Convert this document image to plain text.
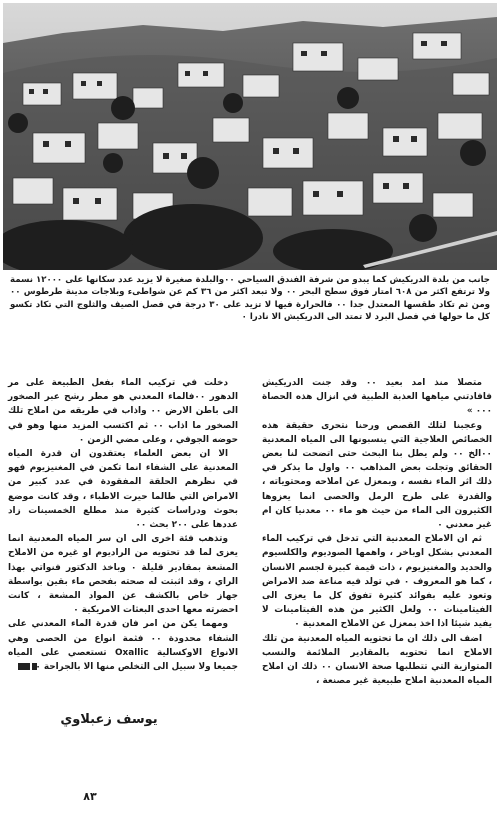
جانب من بلدة الدريكيش كما يبدو من شرفة الفندق السياحي ٠٠والبلدة صغيرة لا يزيد عدد سكانها على ١٢٠٠٠ نسمة ولا ترتفع اكثر من ٦٠٨ امتار فوق سطح البحر ٠٠ ولا تبعد اكثر من ٣٦ كم عن شواطىء وبلاجات مدينة طرطوس ٠٠ ومن ثم تكاد طقسها المعتدل جدا ٠٠ فالحرارة فيها لا تزيد على ٣٠ درجة في فصل الصيف والثلوج التي تكاد تكسو كل ما حولها في فصل البرد لا تمتد الى الدريكيش الا نادرا ٠

متصلا منذ امد بعيد ٠٠ وقد جنت الدريكيش فافادتني مياهها العذبة الطبية في انزال هذه الحصاة ٠٠٠ »

وعجبنا لتلك القصص ورحنا نتحرى حقيقة هذه الخصائص العلاجية التي ينسبونها الى المياه المعدنية ٠٠الخ ٠٠ ولم يطل بنا البحث حتى اتضحت لنا بعض الحقائق وتجلت بعض المذاهب ٠٠ واول ما يذكر في ذلك اثر الماء نفسه ، وبمعزل عن املاحه ومحتوياته ، والقدرة على طرح الرمل والحصى انما يعزوها الكثيرون الى الماء من حيث هو ماء ٠٠ معدنيا كان ام غير معدني ٠

ثم ان الاملاح المعدنية التي تدخل في تركيب الماء المعدني بشكل اوباخر ، واهمها الصوديوم والكلسيوم والحديد والمغنيزيوم ، ذات قيمة كبيرة لجسم الانسان ، كما هو المعروف ٠ في تولد فيه مناعة ضد الامراض وتعود عليه بفوائد كثيرة تفوق كل ما يعزى الى الفيتامينات ٠٠ ولعل الكثير من هذه الفيتامينات لا يفيد شيئا اذا اخذ بمعزل عن الاملاح المعدنية ٠

اضف الى ذلك ان ما تحتويه المياه المعدنية من تلك الاملاح انما تحتويه بالمقادير الملائمة والنسب المتوازية التي تتطلبها صحة الانسان ٠٠ ذلك ان املاح المياه المعدنية املاح طبيعية غير مصنعة ،

دخلت في تركيب الماء بفعل الطبيعة على مر الدهور ٠٠فالماء المعدني هو مطر رشح عبر الصخور الى باطن الارض ٠٠ واذاب في طريقه من املاح تلك الصخور ما اذاب ٠٠ ثم اكتسب المزيد منها وهو في حوضه الجوفي ، وعلى مضي الزمن ٠

الا ان بعض العلماء يعتقدون ان قدرة المياه المعدنية على الشفاء انما تكمن في المغنيزيوم فهو في نظرهم الحلقة المفقودة في عدد كبير من الامراض التي طالما حيرت الاطباء ، وقد كانت موضع بحوث ودراسات كثيرة منذ مطلع الخمسينات زاد عددها على ٢٠٠ بحث ٠٠

وتذهب فئة اخرى الى ان سر المياه المعدنية انما يعزى لما قد تحتويه من الراديوم او غيره من الاملاح المشعة بمقادير قليلة ٠ وباخذ الدكتور فنواتي بهذا الراي ، وقد اثبتت له صحته بفحص ماء بقين بواسطة جهاز خاص بالكشف عن المواد المشعة ، كانت احضرته معها احدى البعثات الامريكية ٠

ومهما يكن من امر فان قدرة الماء المعدني على الشفاء محدودة ٠٠ فثمة انواع من الحصى وهي الانواع الاوكسالية Oxallic تستعصي على المياه جميعا ولا سبيل الى التخلص منها الا بالجراحة ٠

يوسف زعبلاوي
٨٣
